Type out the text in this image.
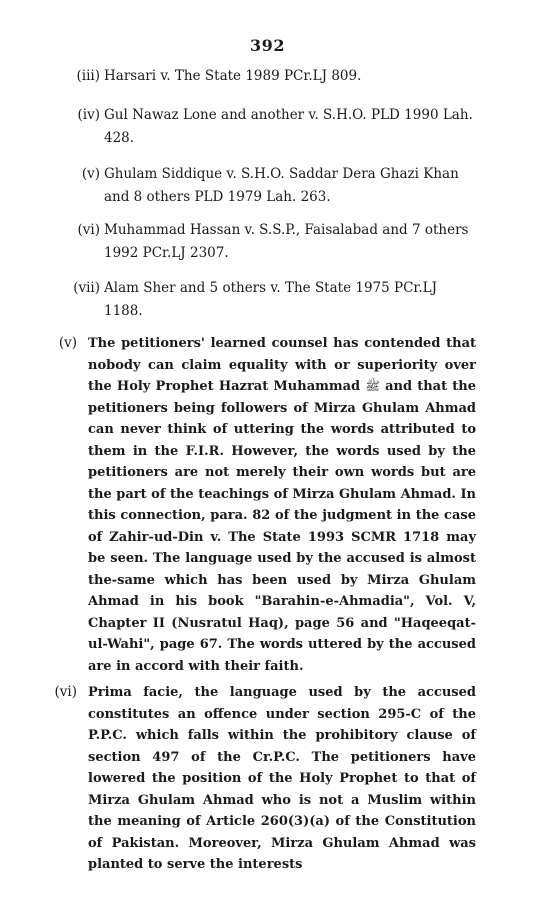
392
(iii) Harsari v. The State 1989 PCr.LJ 809.
(iv) Gul Nawaz Lone and another v. S.H.O. PLD 1990 Lah. 428.
(v) Ghulam Siddique v. S.H.O. Saddar Dera Ghazi Khan and 8 others PLD 1979 Lah. 263.
(vi) Muhammad Hassan v. S.S.P., Faisalabad and 7 others 1992 PCr.LJ 2307.
(vii) Alam Sher and 5 others v. The State 1975 PCr.LJ 1188.
(v) The petitioners' learned counsel has contended that nobody can claim equality with or superiority over the Holy Prophet Hazrat Muhammad ﷺ and that the petitioners being followers of Mirza Ghulam Ahmad can never think of uttering the words attributed to them in the F.I.R. However, the words used by the petitioners are not merely their own words but are the part of the teachings of Mirza Ghulam Ahmad. In this connection, para. 82 of the judgment in the case of Zahir-ud-Din v. The State 1993 SCMR 1718 may be seen. The language used by the accused is almost the-same which has been used by Mirza Ghulam Ahmad in his book "Barahin-e-Ahmadia", Vol. V, Chapter II (Nusratul Haq), page 56 and "Haqeeqat-ul-Wahi", page 67. The words uttered by the accused are in accord with their faith.
(vi) Prima facie, the language used by the accused constitutes an offence under section 295-C of the P.P.C. which falls within the prohibitory clause of section 497 of the Cr.P.C. The petitioners have lowered the position of the Holy Prophet to that of Mirza Ghulam Ahmad who is not a Muslim within the meaning of Article 260(3)(a) of the Constitution of Pakistan. Moreover, Mirza Ghulam Ahmad was planted to serve the interests
